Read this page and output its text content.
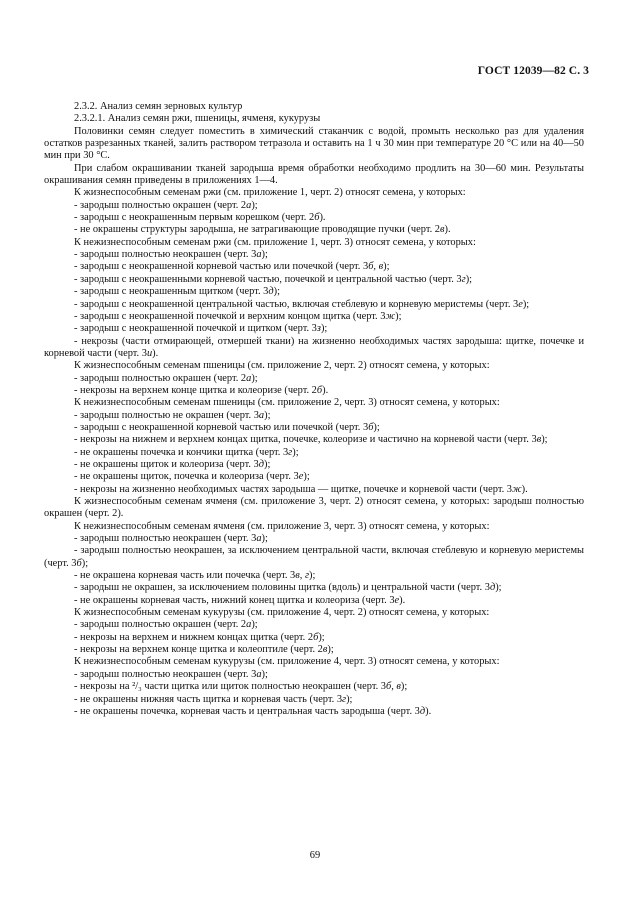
ГОСТ 12039—82 С. 3

2.3.2. Анализ семян зерновых культур

2.3.2.1. Анализ семян ржи, пшеницы, ячменя, кукурузы

Половинки семян следует поместить в химический стаканчик с водой, промыть несколько раз для удаления остатков разрезанных тканей, залить раствором тетразола и оставить на 1 ч 30 мин при температуре 20 °С или на 40—50 мин при 30 °С.

При слабом окрашивании тканей зародыша время обработки необходимо продлить на 30—60 мин. Результаты окрашивания семян приведены в приложениях 1—4.

К жизнеспособным семенам ржи (см. приложение 1, черт. 2) относят семена, у которых:

- зародыш полностью окрашен (черт. 2а);

- зародыш с неокрашенным первым корешком (черт. 2б).

- не окрашены структуры зародыша, не затрагивающие проводящие пучки (черт. 2в).

К нежизнеспособным семенам ржи (см. приложение 1, черт. 3) относят семена, у которых:

- зародыш полностью неокрашен (черт. 3а);

- зародыш с неокрашенной корневой частью или почечкой (черт. 3б, в);

- зародыш с неокрашенными корневой частью, почечкой и центральной частью (черт. 3г);

- зародыш с неокрашенным щитком (черт. 3д);

- зародыш с неокрашенной центральной частью, включая стеблевую и корневую меристемы (черт. 3е);

- зародыш с неокрашенной почечкой и верхним концом щитка (черт. 3ж);

- зародыш с неокрашенной почечкой и щитком (черт. 3з);

- некрозы (части отмирающей, отмершей ткани) на жизненно необходимых частях зародыша: щитке, почечке и корневой части (черт. 3и).

К жизнеспособным семенам пшеницы (см. приложение 2, черт. 2) относят семена, у которых:

- зародыш полностью окрашен (черт. 2а);

- некрозы на верхнем конце щитка и колеоризе (черт. 2б).

К нежизнеспособным семенам пшеницы (см. приложение 2, черт. 3) относят семена, у которых:

- зародыш полностью не окрашен (черт. 3а);

- зародыш с неокрашенной корневой частью или почечкой (черт. 3б);

- некрозы на нижнем и верхнем концах щитка, почечке, колеоризе и частично на корневой части (черт. 3в);

- не окрашены почечка и кончики щитка (черт. 3г);

- не окрашены щиток и колеориза (черт. 3д);

- не окрашены щиток, почечка и колеориза (черт. 3е);

- некрозы на жизненно необходимых частях зародыша — щитке, почечке и корневой части (черт. 3ж).

К жизнеспособным семенам ячменя (см. приложение 3, черт. 2) относят семена, у которых: зародыш полностью окрашен (черт. 2).

К нежизнеспособным семенам ячменя (см. приложение 3, черт. 3) относят семена, у которых:

- зародыш полностью неокрашен (черт. 3а);

- зародыш полностью неокрашен, за исключением центральной части, включая стеблевую и корневую меристемы (черт. 3б);

- не окрашена корневая часть или почечка (черт. 3в, г);

- зародыш не окрашен, за исключением половины щитка (вдоль) и центральной части (черт. 3д);

- не окрашены корневая часть, нижний конец щитка и колеориза (черт. 3е).

К жизнеспособным семенам кукурузы (см. приложение 4, черт. 2) относят семена, у которых:

- зародыш полностью окрашен (черт. 2а);

- некрозы на верхнем и нижнем концах щитка (черт. 2б);

- некрозы на верхнем конце щитка и колеоптиле (черт. 2в);

К нежизнеспособным семенам кукурузы (см. приложение 4, черт. 3) относят семена, у которых:

- зародыш полностью неокрашен (черт. 3а);

- некрозы на ²/₃ части щитка или щиток полностью неокрашен (черт. 3б, в);

- не окрашены нижняя часть щитка и корневая часть (черт. 3г);

- не окрашены почечка, корневая часть и центральная часть зародыша (черт. 3д).

69
